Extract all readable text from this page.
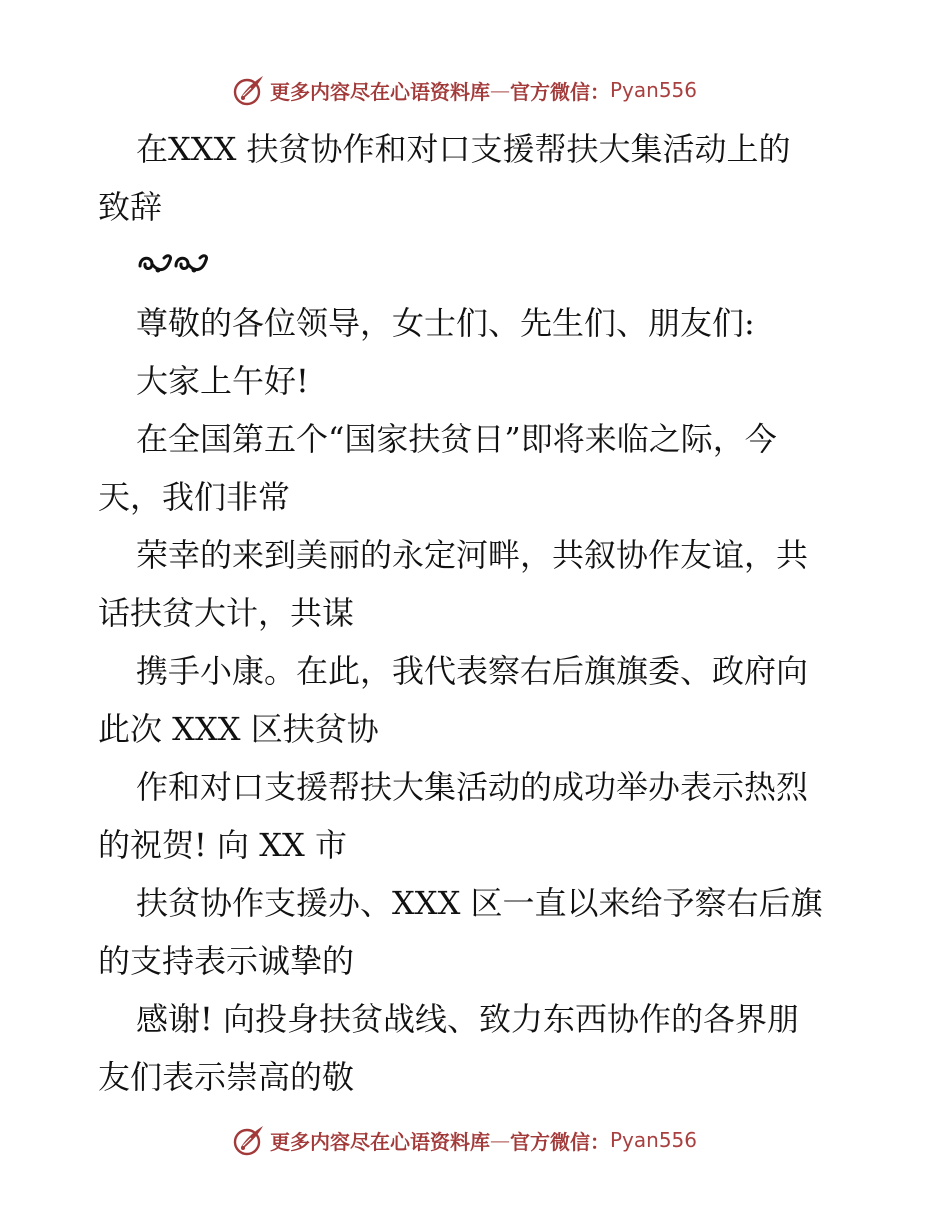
更多内容尽在心语资料库 — 官方微信： Pyan556
在XXX 扶贫协作和对口支援帮扶大集活动上的
致辞
尊敬的各位领导，女士们、先生们、朋友们:
大家上午好!
在全国第五个“国家扶贫日”即将来临之际，今
天，我们非常
荣幸的来到美丽的永定河畔，共叙协作友谊，共
话扶贫大计，共谋
携手小康。在此，我代表察右后旗旗委、政府向
此次 XXX 区扶贫协
作和对口支援帮扶大集活动的成功举办表示热烈
的祝贺! 向 XX 市
扶贫协作支援办、XXX 区一直以来给予察右后旗
的支持表示诚挚的
感谢! 向投身扶贫战线、致力东西协作的各界朋
友们表示崇高的敬
更多内容尽在心语资料库 — 官方微信： Pyan556
